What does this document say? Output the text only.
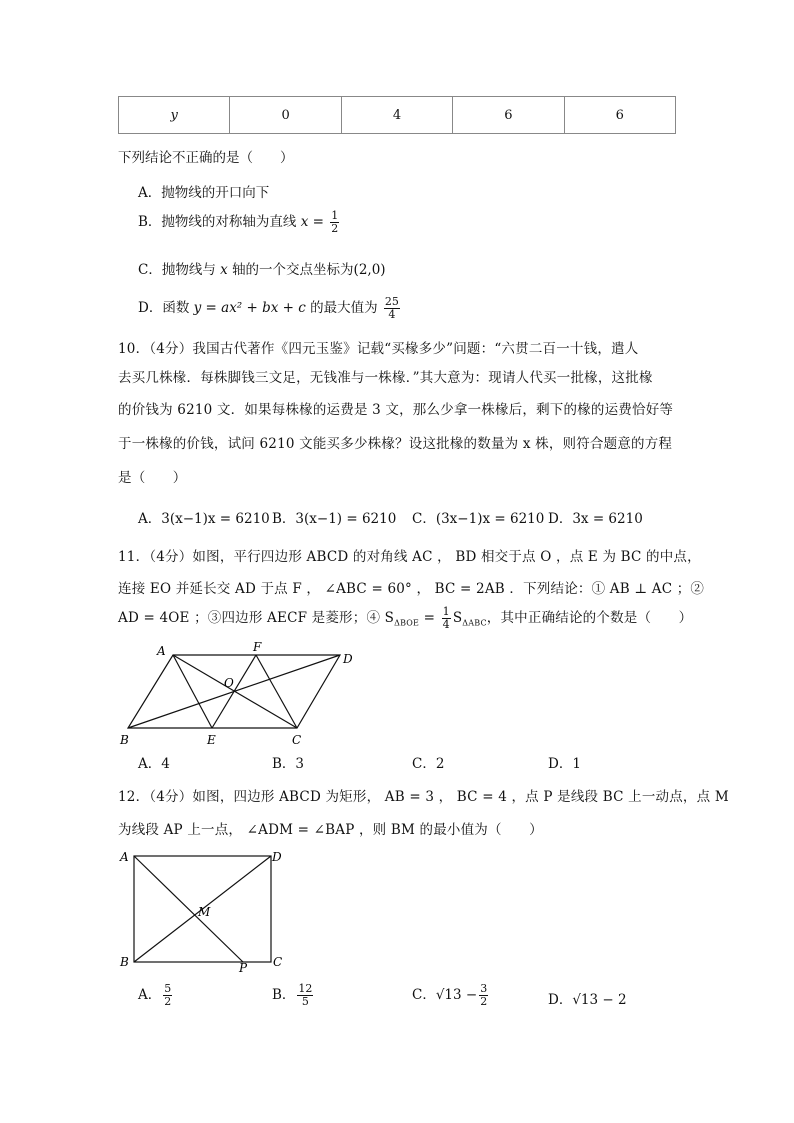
y	0	4	6	6
下列结论不正确的是（　　）
A．抛物线的开口向下
B．抛物线的对称轴为直线 $x = \frac{1}{2}$
C．抛物线与 x 轴的一个交点坐标为(2,0)
D．函数 y = ax² + bx + c 的最大值为 $\frac{25}{4}$
10．（4分）我国古代著作《四元玉鉴》记载“买椽多少”问题：“六贯二百一十钱，遣人
去买几株椽．每株脚钱三文足，无钱准与一株椽．”其大意为：现请人代买一批椽，这批椽
的价钱为 6210 文．如果每株椽的运费是 3 文，那么少拿一株椽后，剩下的椽的运费恰好等
于一株椽的价钱，试问 6210 文能买多少株椽？设这批椽的数量为 x 株，则符合题意的方程
是（　　）
A．3(x−1)x = 6210 B．3(x−1) = 6210 C．(3x−1)x = 6210 D．3x = 6210
11．（4分）如图，平行四边形 ABCD 的对角线 AC ， BD 相交于点 O ，点 E 为 BC 的中点，
连接 EO 并延长交 AD 于点 F ， ∠ABC = 60° ， BC = 2AB ．下列结论：① AB ⊥ AC ；②
AD = 4OE ；③四边形 AECF 是菱形；④ $S_{\Delta BOE} = \frac{1}{4} S_{\Delta ABC}$，其中正确结论的个数是（　　）
A	F
D
O
B	E	C
A．4	B．3	C．2	D．1
12．（4分）如图，四边形 ABCD 为矩形， AB = 3 ， BC = 4 ，点 P 是线段 BC 上一动点，点 M
为线段 AP 上一点， ∠ADM = ∠BAP ，则 BM 的最小值为（　　）
A	D
M
B	P C
A． $\frac{5}{2}$	B． $\frac{12}{5}$	C．$√13 - \frac{3}{2}$	D．√13 − 2
